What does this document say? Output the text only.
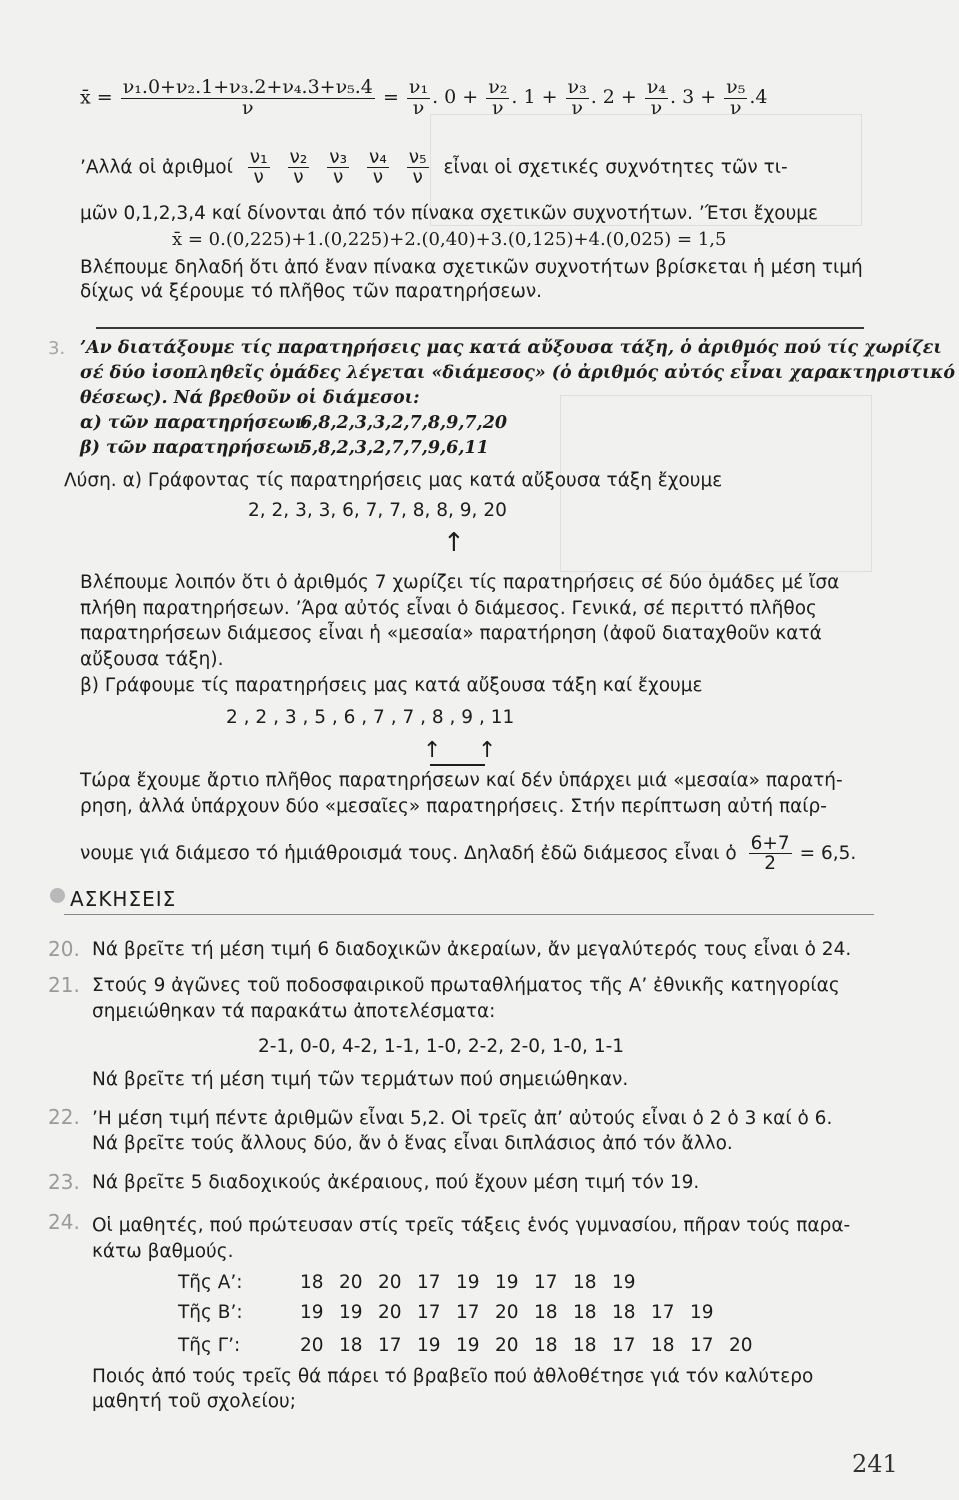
x̄ = $\frac{\text{ν₁.0+ν₂.1+ν₃.2+ν₄.3+ν₅.4}}{\nu} = \frac{\text{ν₁}}{\nu}$ . $0 + \frac{\text{ν₂}}{\nu}$ . $1 + \frac{\text{ν₃}}{\nu}$ . $2 + \frac{\text{ν₄}}{\nu}$ . $3 + \frac{\text{ν₅}}{\nu} .4$
’Αλλά οἱ ἀριθμοί $\frac{\text{ν₁}}{\nu} \frac{\text{ν₂}}{\nu} \frac{\text{ν₃}}{\nu} \frac{\text{ν₄}}{\nu} \frac{\text{ν₅}}{\nu}$ εἶναι οἱ σχετικές συχνότητες τῶν τι-
μῶν 0,1,2,3,4 καί δίνονται ἀπό τόν πίνακα σχετικῶν συχνοτήτων. ’Έτσι ἔχουμε
x̄ = 0.(0,225)+1.(0,225)+2.(0,40)+3.(0,125)+4.(0,025) = 1,5
Βλέπουμε δηλαδή ὅτι ἀπό ἔναν πίνακα σχετικῶν συχνοτήτων βρίσκεται ἡ μέση τιμή
δίχως νά ξέρουμε τό πλῆθος τῶν παρατηρήσεων.
3. ’Αν διατάξουμε τίς παρατηρήσεις μας κατά αὔξουσα τάξη, ὁ ἀριθμός πού τίς χωρίζει
σέ δύο ἰσοπληθεῖς ὁμάδες λέγεται «διάμεσος» (ὁ ἀριθμός αὐτός εἶναι χαρακτηριστικό
θέσεως). Νά βρεθοῦν οἱ διάμεσοι:
α) τῶν παρατηρήσεων
6,8,2,3,3,2,7,8,9,7,20
β) τῶν παρατηρήσεων
5,8,2,3,2,7,7,9,6,11
Λύση. α) Γράφοντας τίς παρατηρήσεις μας κατά αὔξουσα τάξη ἔχουμε
2, 2, 3, 3, 6, 7, 7, 8, 8, 9, 20
↑
Βλέπουμε λοιπόν ὅτι ὁ ἀριθμός 7 χωρίζει τίς παρατηρήσεις σέ δύο ὁμάδες μέ ἴσα
πλήθη παρατηρήσεων. ’Άρα αὐτός εἶναι ὁ διάμεσος. Γενικά, σέ περιττό πλῆθος
παρατηρήσεων διάμεσος εἶναι ἡ «μεσαία» παρατήρηση (ἀφοῦ διαταχθοῦν κατά
αὔξουσα τάξη).
β) Γράφουμε τίς παρατηρήσεις μας κατά αὔξουσα τάξη καί ἔχουμε
2 , 2 , 3 , 5 , 6 , 7 , 7 , 8 , 9 , 11
↑ ↑
Τώρα ἔχουμε ἄρτιο πλῆθος παρατηρήσεων καί δέν ὑπάρχει μιά «μεσαία» παρατή-
ρηση, ἀλλά ὑπάρχουν δύο «μεσαῖες» παρατηρήσεις. Στήν περίπτωση αὐτή παίρ-
νουμε γιά διάμεσο τό ἡμιάθροισμά τους. Δηλαδή ἐδῶ διάμεσος εἶναι ὁ $\frac{6+7}{2} = 6,5$.
ΑΣΚΗΣΕΙΣ
20. Νά βρεῖτε τή μέση τιμή 6 διαδοχικῶν ἀκεραίων, ἄν μεγαλύτερός τους εἶναι ὁ 24.
21. Στούς 9 ἀγῶνες τοῦ ποδοσφαιρικοῦ πρωταθλήματος τῆς Α’ ἐθνικῆς κατηγορίας
σημειώθηκαν τά παρακάτω ἀποτελέσματα:
2-1, 0-0, 4-2, 1-1, 1-0, 2-2, 2-0, 1-0, 1-1
Νά βρεῖτε τή μέση τιμή τῶν τερμάτων πού σημειώθηκαν.
22. ’Η μέση τιμή πέντε ἀριθμῶν εἶναι 5,2. Οἱ τρεῖς ἀπ’ αὐτούς εἶναι ὁ 2 ὁ 3 καί ὁ 6.
Νά βρεῖτε τούς ἄλλους δύο, ἄν ὁ ἕνας εἶναι διπλάσιος ἀπό τόν ἄλλο.
23. Νά βρεῖτε 5 διαδοχικούς ἀκέραιους, πού ἔχουν μέση τιμή τόν 19.
24. Οἱ μαθητές, πού πρώτευσαν στίς τρεῖς τάξεις ἑνός γυμνασίου, πῆραν τούς παρα-
κάτω βαθμούς.
Τῆς Α’:	18 20 20 17 19 19 17 18 19
Τῆς Β’:	19 19 20 17 17 20 18 18 18 17 19
Τῆς Γ’:	20 18 17 19 19 20 18 18 17 18 17 20
Ποιός ἀπό τούς τρεῖς θά πάρει τό βραβεῖο πού ἀθλοθέτησε γιά τόν καλύτερο
μαθητή τοῦ σχολείου;
241
